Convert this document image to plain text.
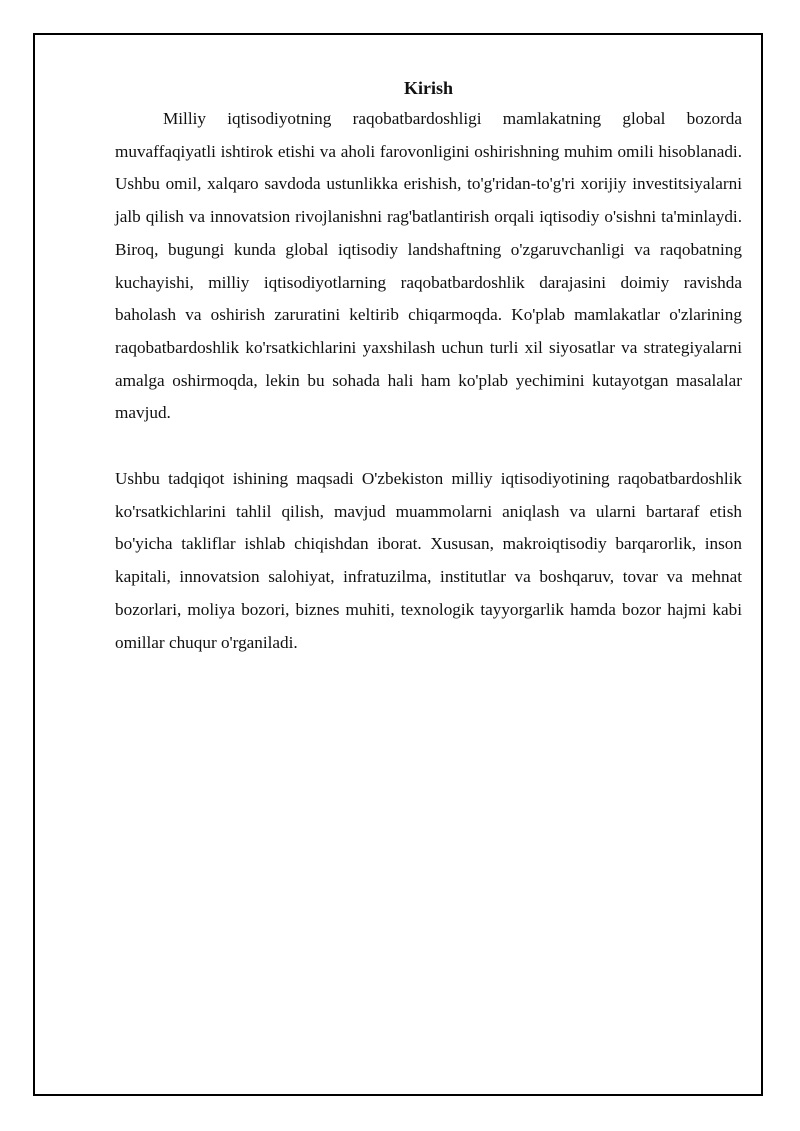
Kirish

Milliy iqtisodiyotning raqobatbardoshligi mamlakatning global bozorda muvaffaqiyatli ishtirok etishi va aholi farovonligini oshirishning muhim omili hisoblanadi. Ushbu omil, xalqaro savdoda ustunlikka erishish, to'g'ridan-to'g'ri xorijiy investitsiyalarni jalb qilish va innovatsion rivojlanishni rag'batlantirish orqali iqtisodiy o'sishni ta'minlaydi. Biroq, bugungi kunda global iqtisodiy landshaftning o'zgaruvchanligi va raqobatning kuchayishi, milliy iqtisodiyotlarning raqobatbardoshlik darajasini doimiy ravishda baholash va oshirish zaruratini keltirib chiqarmoqda. Ko'plab mamlakatlar o'zlarining raqobatbardoshlik ko'rsatkichlarini yaxshilash uchun turli xil siyosatlar va strategiyalarni amalga oshirmoqda, lekin bu sohada hali ham ko'plab yechimini kutayotgan masalalar mavjud.

Ushbu tadqiqot ishining maqsadi O'zbekiston milliy iqtisodiyotining raqobatbardoshlik ko'rsatkichlarini tahlil qilish, mavjud muammolarni aniqlash va ularni bartaraf etish bo'yicha takliflar ishlab chiqishdan iborat. Xususan, makroiqtisodiy barqarorlik, inson kapitali, innovatsion salohiyat, infratuzilma, institutlar va boshqaruv, tovar va mehnat bozorlari, moliya bozori, biznes muhiti, texnologik tayyorgarlik hamda bozor hajmi kabi omillar chuqur o'rganiladi.
